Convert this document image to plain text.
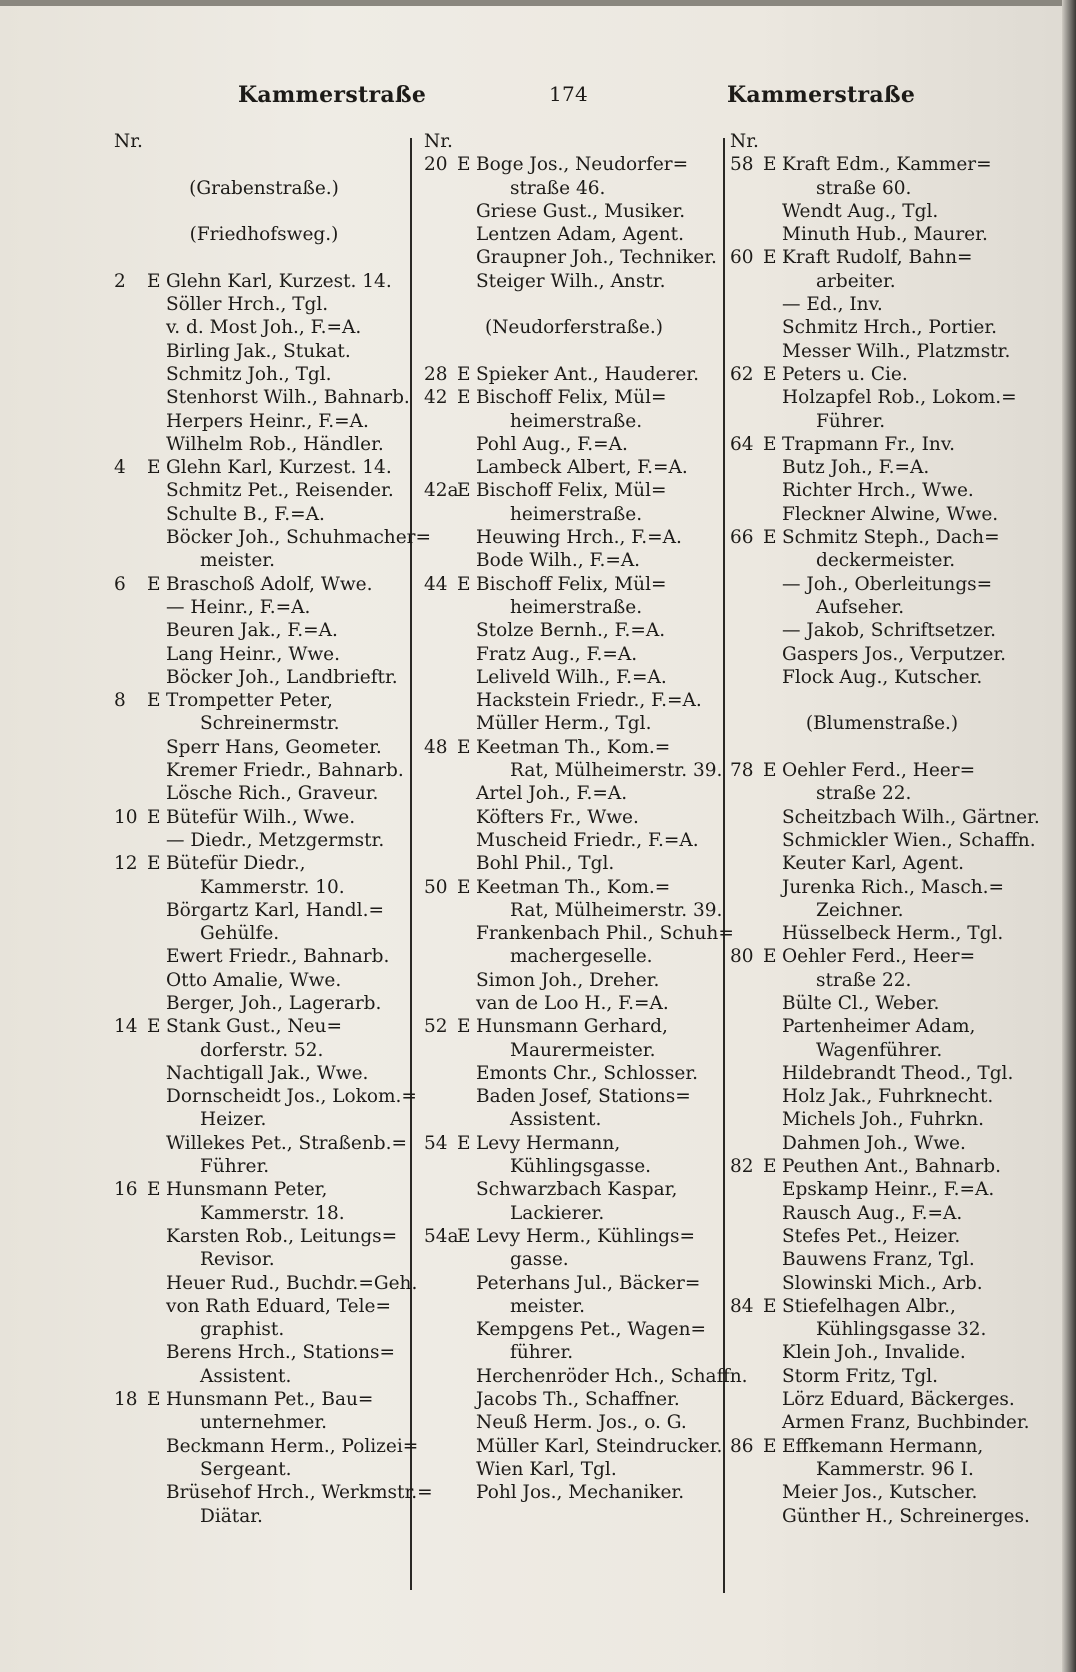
Kammerstraße	174	Kammerstraße
Nr.
(Grabenstraße.)
(Friedhofsweg.)
2 E Glehn Karl, Kurzest. 14.
Söller Hrch., Tgl.
v. d. Most Joh., F.=A.
Birling Jak., Stukat.
Schmitz Joh., Tgl.
Stenhorst Wilh., Bahnarb.
Herpers Heinr., F.=A.
Wilhelm Rob., Händler.
4 E Glehn Karl, Kurzest. 14.
Schmitz Pet., Reisender.
Schulte B., F.=A.
Böcker Joh., Schuhmacher=
meister.
6 E Braschoß Adolf, Wwe.
— Heinr., F.=A.
Beuren Jak., F.=A.
Lang Heinr., Wwe.
Böcker Joh., Landbrieftr.
8 E Trompetter Peter,
Schreinermstr.
Sperr Hans, Geometer.
Kremer Friedr., Bahnarb.
Lösche Rich., Graveur.
10 E Bütefür Wilh., Wwe.
— Diedr., Metzgermstr.
12 E Bütefür Diedr.,
Kammerstr. 10.
Börgartz Karl, Handl.=
Gehülfe.
Ewert Friedr., Bahnarb.
Otto Amalie, Wwe.
Berger, Joh., Lagerarb.
14 E Stank Gust., Neu=
dorferstr. 52.
Nachtigall Jak., Wwe.
Dornscheidt Jos., Lokom.=
Heizer.
Willekes Pet., Straßenb.=
Führer.
16 E Hunsmann Peter,
Kammerstr. 18.
Karsten Rob., Leitungs=
Revisor.
Heuer Rud., Buchdr.=Geh.
von Rath Eduard, Tele=
graphist.
Berens Hrch., Stations=
Assistent.
18 E Hunsmann Pet., Bau=
unternehmer.
Beckmann Herm., Polizei=
Sergeant.
Brüsehof Hrch., Werkmstr.=
Diätar.
Nr.
20 E Boge Jos., Neudorfer=
straße 46.
Griese Gust., Musiker.
Lentzen Adam, Agent.
Graupner Joh., Techniker.
Steiger Wilh., Anstr.
(Neudorferstraße.)
28 E Spieker Ant., Hauderer.
42 E Bischoff Felix, Mül=
heimerstraße.
Pohl Aug., F.=A.
Lambeck Albert, F.=A.
42a
E Bischoff Felix, Mül=
heimerstraße.
Heuwing Hrch., F.=A.
Bode Wilh., F.=A.
44 E Bischoff Felix, Mül=
heimerstraße.
Stolze Bernh., F.=A.
Fratz Aug., F.=A.
Leliveld Wilh., F.=A.
Hackstein Friedr., F.=A.
Müller Herm., Tgl.
48 E Keetman Th., Kom.=
Rat, Mülheimerstr. 39.
Artel Joh., F.=A.
Köfters Fr., Wwe.
Muscheid Friedr., F.=A.
Bohl Phil., Tgl.
50 E Keetman Th., Kom.=
Rat, Mülheimerstr. 39.
Frankenbach Phil., Schuh=
machergeselle.
Simon Joh., Dreher.
van de Loo H., F.=A.
52 E Hunsmann Gerhard,
Maurermeister.
Emonts Chr., Schlosser.
Baden Josef, Stations=
Assistent.
54 E Levy Hermann,
Kühlingsgasse.
Schwarzbach Kaspar,
Lackierer.
54a
E Levy Herm., Kühlings=
gasse.
Peterhans Jul., Bäcker=
meister.
Kempgens Pet., Wagen=
führer.
Herchenröder Hch., Schaffn.
Jacobs Th., Schaffner.
Neuß Herm. Jos., o. G.
Müller Karl, Steindrucker.
Wien Karl, Tgl.
Pohl Jos., Mechaniker.
Nr.
58 E Kraft Edm., Kammer=
straße 60.
Wendt Aug., Tgl.
Minuth Hub., Maurer.
60 E Kraft Rudolf, Bahn=
arbeiter.
— Ed., Inv.
Schmitz Hrch., Portier.
Messer Wilh., Platzmstr.
62 E Peters u. Cie.
Holzapfel Rob., Lokom.=
Führer.
64 E Trapmann Fr., Inv.
Butz Joh., F.=A.
Richter Hrch., Wwe.
Fleckner Alwine, Wwe.
66 E Schmitz Steph., Dach=
deckermeister.
— Joh., Oberleitungs=
Aufseher.
— Jakob, Schriftsetzer.
Gaspers Jos., Verputzer.
Flock Aug., Kutscher.
(Blumenstraße.)
78 E Oehler Ferd., Heer=
straße 22.
Scheitzbach Wilh., Gärtner.
Schmickler Wien., Schaffn.
Keuter Karl, Agent.
Jurenka Rich., Masch.=
Zeichner.
Hüsselbeck Herm., Tgl.
80 E Oehler Ferd., Heer=
straße 22.
Bülte Cl., Weber.
Partenheimer Adam,
Wagenführer.
Hildebrandt Theod., Tgl.
Holz Jak., Fuhrknecht.
Michels Joh., Fuhrkn.
Dahmen Joh., Wwe.
82 E Peuthen Ant., Bahnarb.
Epskamp Heinr., F.=A.
Rausch Aug., F.=A.
Stefes Pet., Heizer.
Bauwens Franz, Tgl.
Slowinski Mich., Arb.
84 E Stiefelhagen Albr.,
Kühlingsgasse 32.
Klein Joh., Invalide.
Storm Fritz, Tgl.
Lörz Eduard, Bäckerges.
Armen Franz, Buchbinder.
86 E Effkemann Hermann,
Kammerstr. 96 I.
Meier Jos., Kutscher.
Günther H., Schreinerges.
